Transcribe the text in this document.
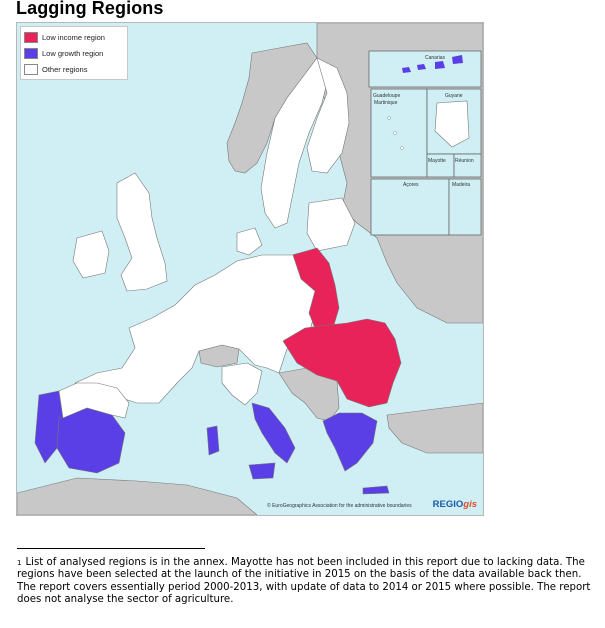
Lagging Regions
Canarias
Guadeloupe
Martinique
Guyane
Mayotte Réunion
Açores	Madeira
Low income region
Low growth region
Other regions
© EuroGeographics Association for the administrative boundaries REGIOgis
$^1$ List of analysed regions is in the annex. Mayotte has not been included in this report due to lacking data. The regions have been selected at the launch of the initiative in 2015 on the basis of the data available back then. The report covers essentially period 2000-2013, with update of data to 2014 or 2015 where possible. The report does not analyse the sector of agriculture.
